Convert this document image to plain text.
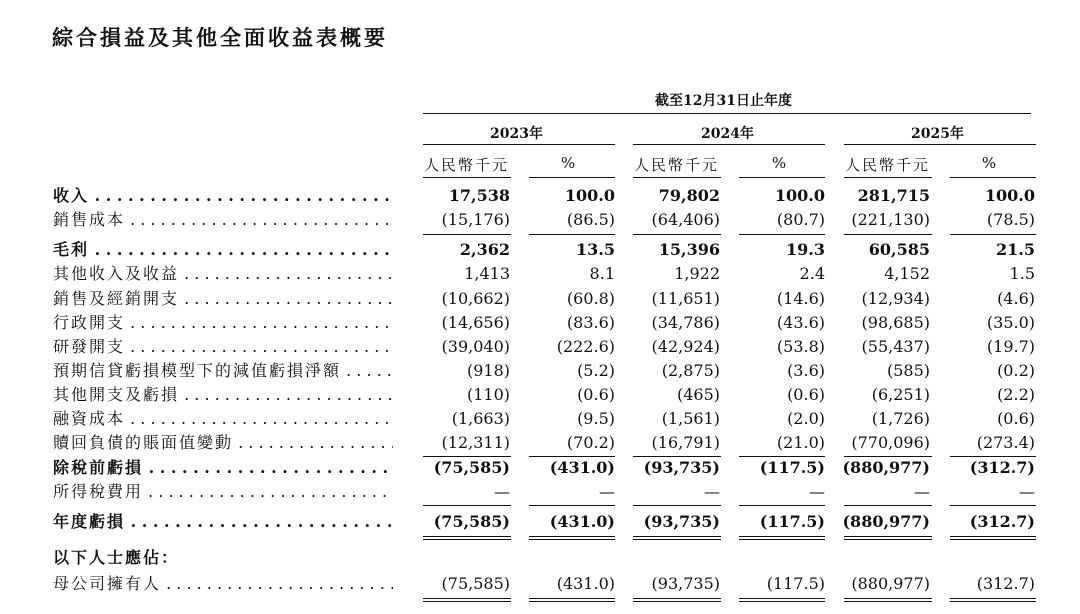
綜合損益及其他全面收益表概要
截至12月31日止年度
2023年	2024年	2025年
人民幣千元	%	人民幣千元	%	人民幣千元	%
收入 . . .	17,538	100.0	79,802	100.0 281,715	100.0
銷售成本 . . .	(15,176)	(86.5) (64,406)	(80.7) (221,130)	(78.5)
毛利 . . .	2,362	13.5	15,396	19.3	60,585	21.5
其他收入及收益 . . .	1,413	8.1	1,922	2.4	4,152	1.5
銷售及經銷開支 . . .	(10,662)	(60.8) (11,651)	(14.6) (12,934)	(4.6)
行政開支 . . .	(14,656)	(83.6) (34,786)	(43.6) (98,685)	(35.0)
研發開支 . . .	(39,040)	(222.6) (42,924)	(53.8) (55,437)	(19.7)
預期信貸虧損模型下的減值虧損淨額 . . .	(918)	(5.2)	(2,875)	(3.6)	(585)	(0.2)
其他開支及虧損 . . .	(110)	(0.6)	(465)	(0.6)	(6,251)	(2.2)
融資成本 . . .	(1,663)	(9.5)	(1,561)	(2.0)	(1,726)	(0.6)
贖回負債的賬面值變動 . . .	(12,311)	(70.2) (16,791)	(21.0) (770,096)	(273.4)
除稅前虧損 . . .	(75,585) (431.0) (93,735) (117.5) (880,977) (312.7)
所得稅費用 . . .	—	—	—	—	—	—
年度虧損 . . .	(75,585) (431.0) (93,735) (117.5) (880,977) (312.7)
以下人士應佔：
母公司擁有人 . . .	(75,585)	(431.0) (93,735)	(117.5) (880,977)	(312.7)
